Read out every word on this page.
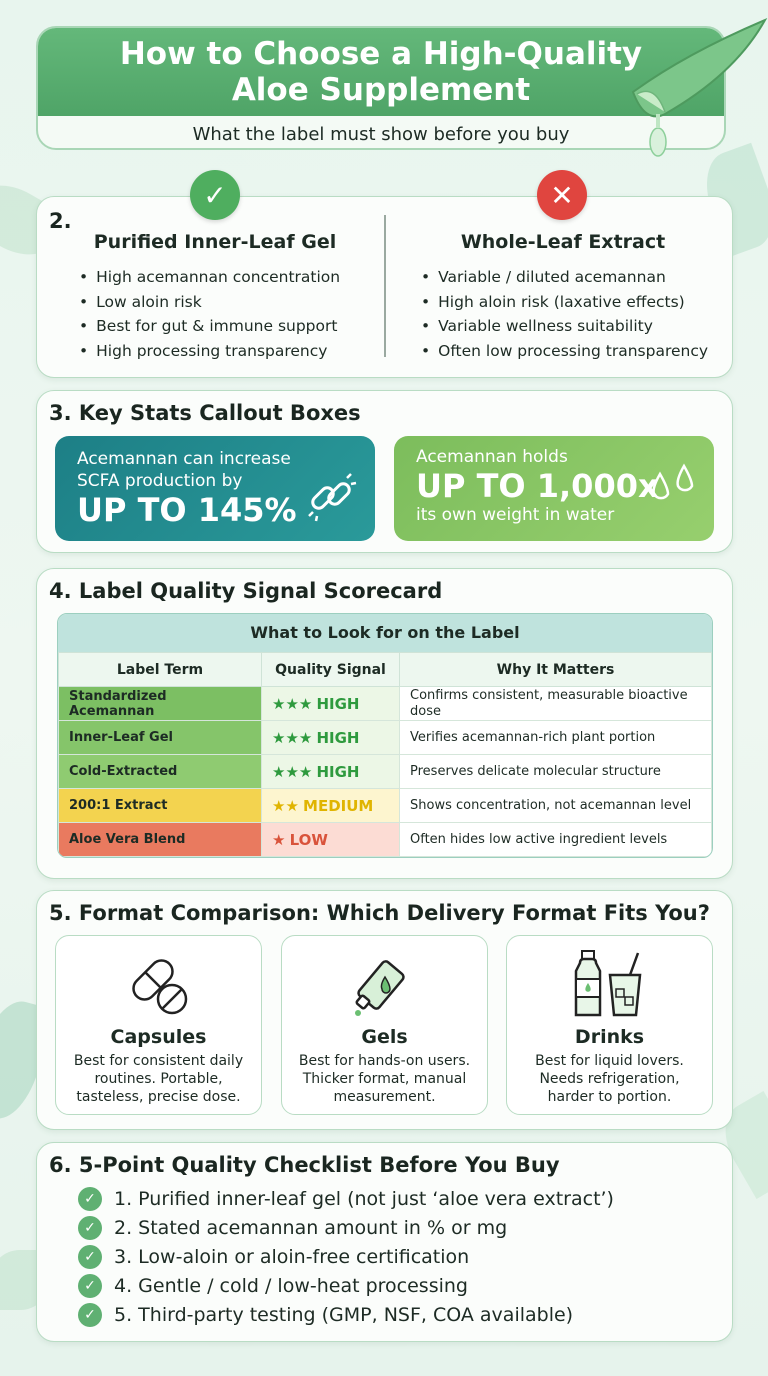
How to Choose a High-Quality
Aloe Supplement
What the label must show before you buy
2.
Purified Inner-Leaf Gel
• High acemannan concentration
• Low aloin risk
• Best for gut & immune support
• High processing transparency
Whole-Leaf Extract
• Variable / diluted acemannan
• High aloin risk (laxative effects)
• Variable wellness suitability
• Often low processing transparency
✓	✕
3. Key Stats Callout Boxes
Acemannan can increase
SCFA production by
UP TO 145%
Acemannan holds
UP TO 1,000x
its own weight in water
4. Label Quality Signal Scorecard
What to Look for on the Label
Label Term	Quality Signal	Why It Matters
Standardized Acemannan	★★★ HIGH	Confirms consistent, measurable bioactive dose
Inner-Leaf Gel	★★★ HIGH	Verifies acemannan-rich plant portion
Cold-Extracted	★★★ HIGH	Preserves delicate molecular structure
200:1 Extract	★★ MEDIUM	Shows concentration, not acemannan level
Aloe Vera Blend	★ LOW	Often hides low active ingredient levels
5. Format Comparison: Which Delivery Format Fits You?
Capsules
Best for consistent daily routines. Portable, tasteless, precise dose.
Gels
Best for hands-on users. Thicker format, manual measurement.
Drinks
Best for liquid lovers. Needs refrigeration, harder to portion.
6. 5-Point Quality Checklist Before You Buy
✓ 1. Purified inner-leaf gel (not just ‘aloe vera extract’)
✓ 2. Stated acemannan amount in % or mg
✓ 3. Low-aloin or aloin-free certification
✓ 4. Gentle / cold / low-heat processing
✓ 5. Third-party testing (GMP, NSF, COA available)
